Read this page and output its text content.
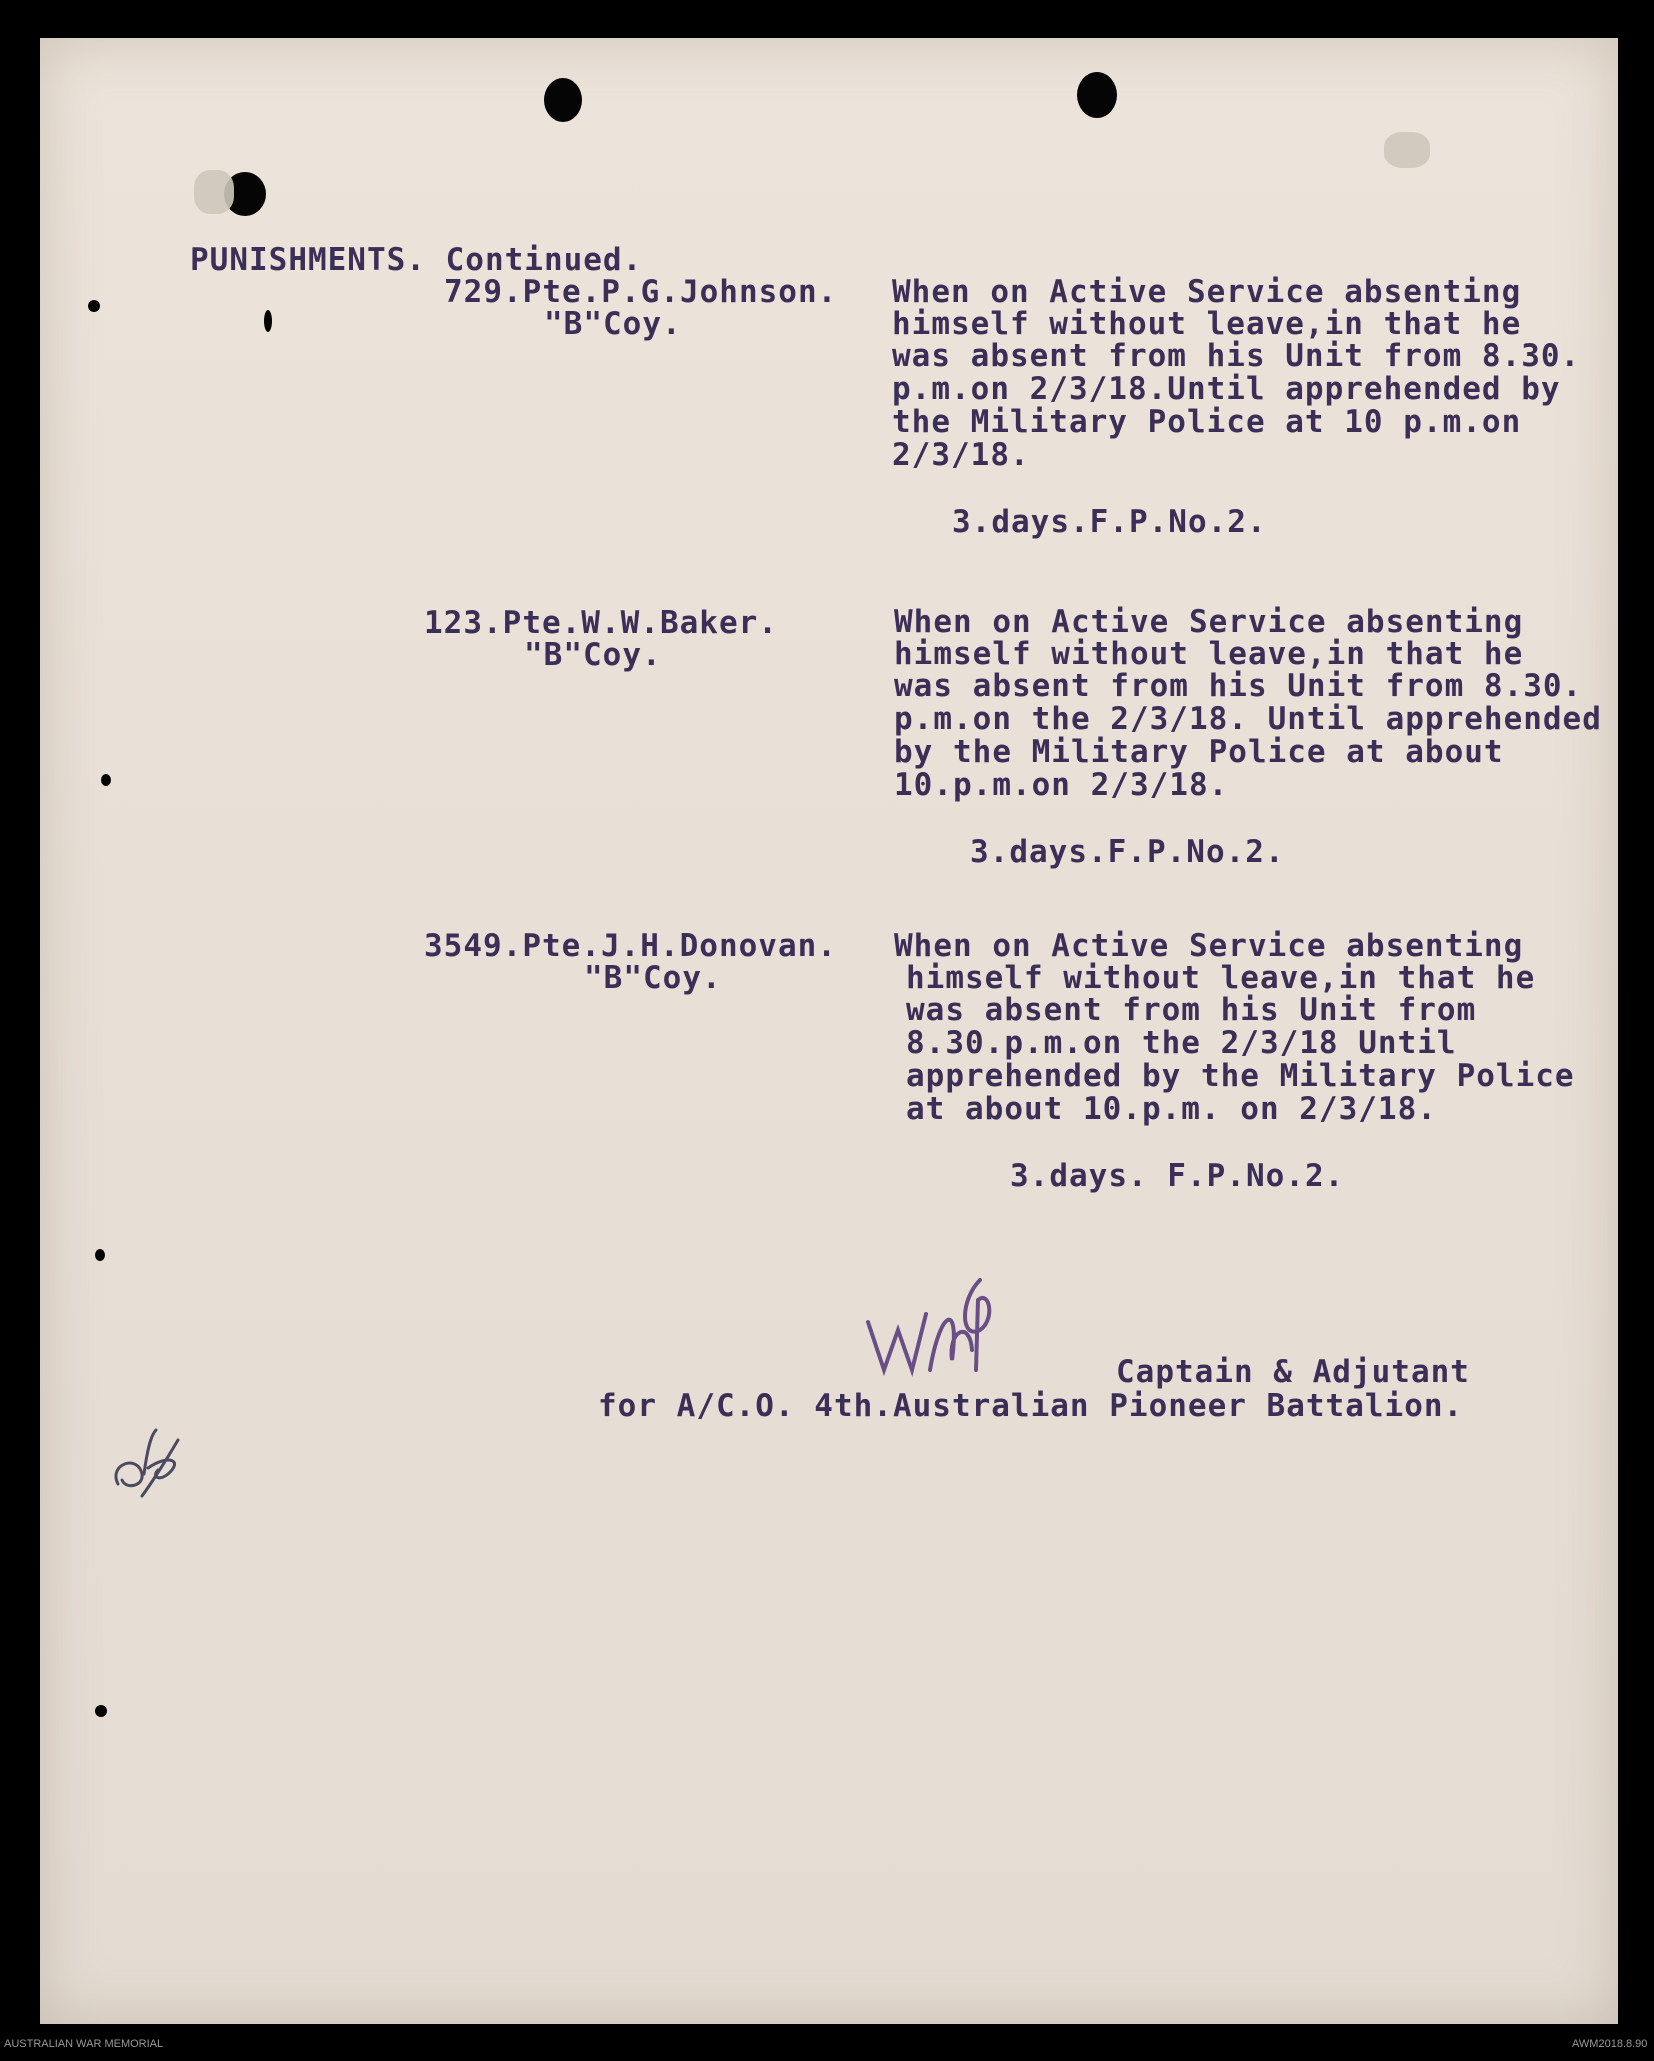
PUNISHMENTS. Continued.
729.Pte.P.G.Johnson.
"B"Coy.
When on Active Service absenting
himself without leave,in that he
was absent from his Unit from 8.30.
p.m.on 2/3/18.Until apprehended by
the Military Police at 10 p.m.on
2/3/18.
3.days.F.P.No.2.
123.Pte.W.W.Baker.
"B"Coy.
When on Active Service absenting
himself without leave,in that he
was absent from his Unit from 8.30.
p.m.on the 2/3/18. Until apprehended
by the Military Police at about
10.p.m.on 2/3/18.
3.days.F.P.No.2.
3549.Pte.J.H.Donovan.
"B"Coy.
When on Active Service absenting
himself without leave,in that he
was absent from his Unit from
8.30.p.m.on the 2/3/18 Until
apprehended by the Military Police
at about 10.p.m. on 2/3/18.
3.days. F.P.No.2.
Captain & Adjutant
for A/C.O. 4th.Australian Pioneer Battalion.
AUSTRALIAN WAR MEMORIAL	AWM2018.8.90
